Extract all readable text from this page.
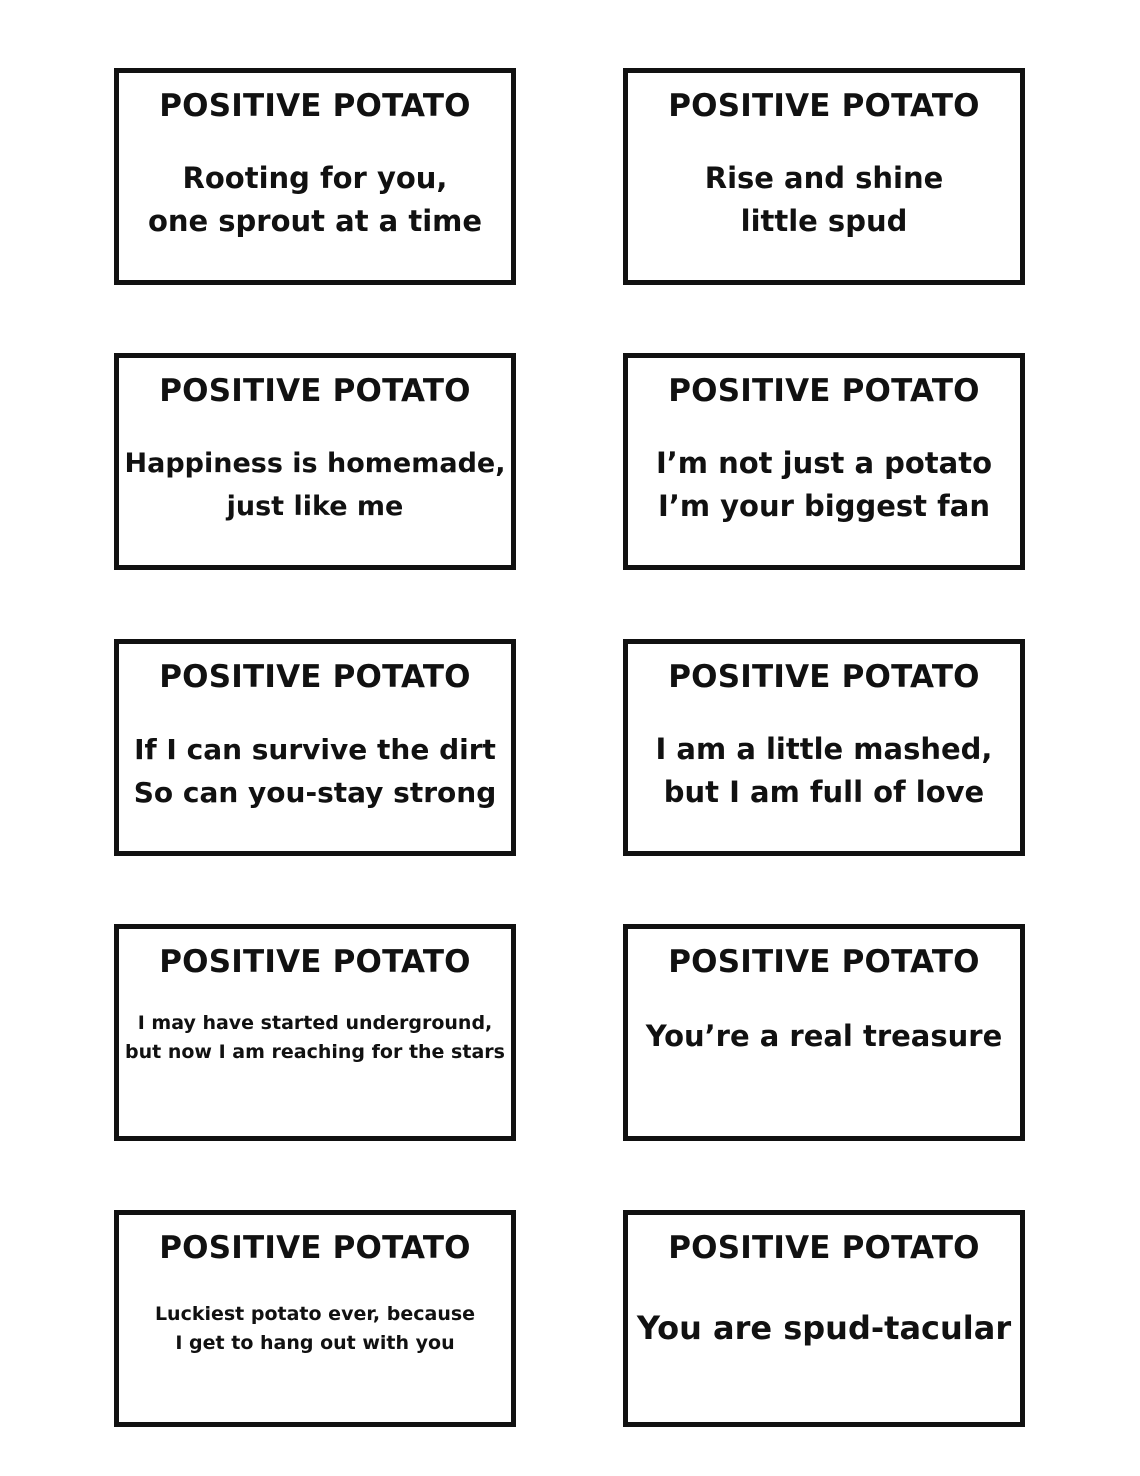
POSITIVE POTATO
Rooting for you,
one sprout at a time
POSITIVE POTATO
Rise and shine
little spud
POSITIVE POTATO
Happiness is homemade,
just like me
POSITIVE POTATO
I’m not just a potato
I’m your biggest fan
POSITIVE POTATO
If I can survive the dirt
So can you-stay strong
POSITIVE POTATO
I am a little mashed,
but I am full of love
POSITIVE POTATO
I may have started underground,
but now I am reaching for the stars
POSITIVE POTATO
You’re a real treasure
POSITIVE POTATO
Luckiest potato ever, because
I get to hang out with you
POSITIVE POTATO
You are spud-tacular
